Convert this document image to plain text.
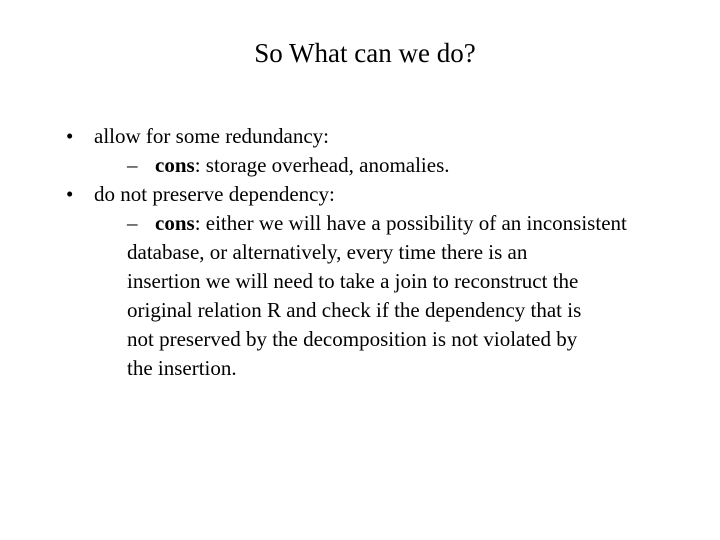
So What can we do?
• allow for some redundancy:
– cons: storage overhead, anomalies.
• do not preserve dependency:
– cons: either we will have a possibility of an inconsistent
database, or alternatively, every time there is an
insertion we will need to take a join to reconstruct the
original relation R and check if the dependency that is
not preserved by the decomposition is not violated by
the insertion.
